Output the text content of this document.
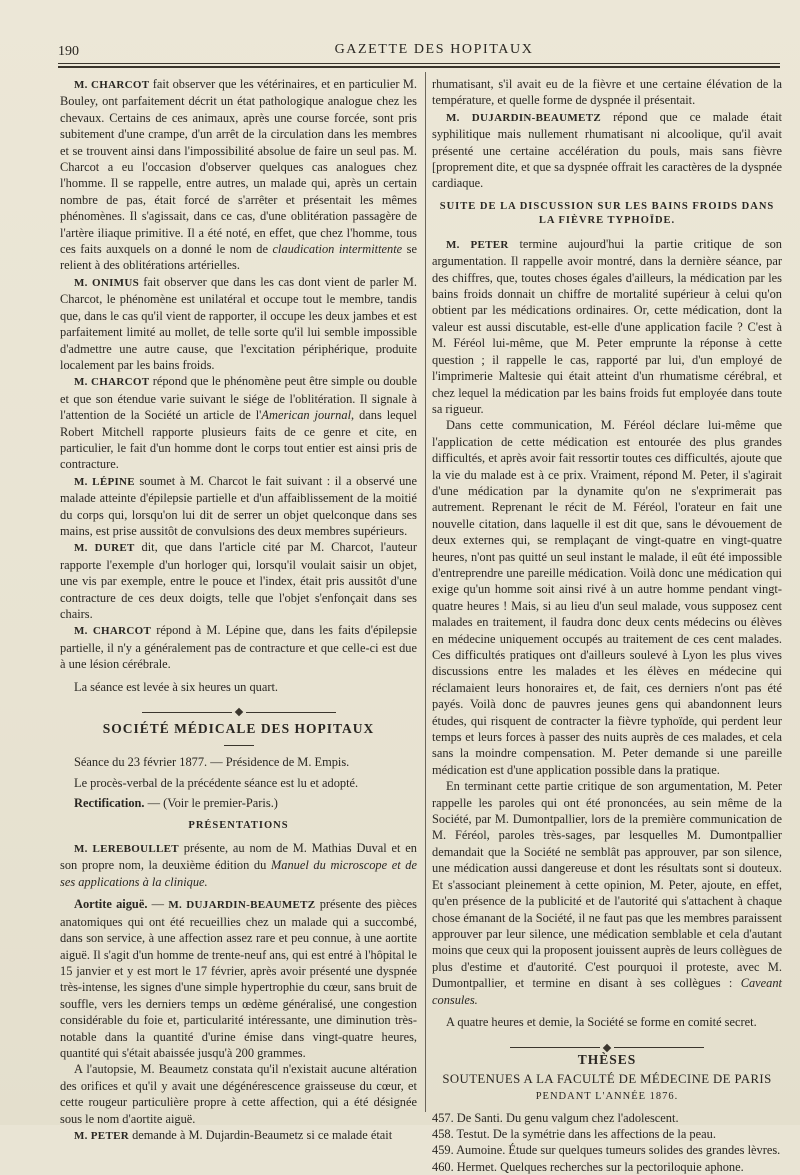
190	GAZETTE DES HOPITAUX

M. CHARCOT fait observer que les vétérinaires, et en particulier M. Bouley, ont parfaitement décrit un état pathologique analogue chez les chevaux. Certains de ces animaux, après une course forcée, sont pris subitement d'une crampe, d'un arrêt de la circulation dans les membres et se trouvent ainsi dans l'impossibilité absolue de faire un seul pas. M. Charcot a eu l'occasion d'observer quelques cas analogues chez l'homme. Il se rappelle, entre autres, un malade qui, après un certain nombre de pas, était forcé de s'arrêter et présentait les mêmes phénomènes. Il s'agissait, dans ce cas, d'une oblitération passagère de l'artère iliaque primitive. Il a été noté, en effet, que chez l'homme, tous ces faits auxquels on a donné le nom de claudication intermittente se relient à des oblitérations artérielles.

M. ONIMUS fait observer que dans les cas dont vient de parler M. Charcot, le phénomène est unilatéral et occupe tout le membre, tandis que, dans le cas qu'il vient de rapporter, il occupe les deux jambes et est parfaitement limité au mollet, de telle sorte qu'il lui semble impossible d'admettre une autre cause, que l'excitation périphérique, produite localement par les bains froids.

M. CHARCOT répond que le phénomène peut être simple ou double et que son étendue varie suivant le siége de l'oblitération. Il signale à l'attention de la Société un article de l'American journal, dans lequel Robert Mitchell rapporte plusieurs faits de ce genre et cite, en particulier, le fait d'un homme dont le corps tout entier est ainsi pris de contracture.

M. LÉPINE soumet à M. Charcot le fait suivant : il a observé une malade atteinte d'épilepsie partielle et d'un affaiblissement de la moitié du corps qui, lorsqu'on lui dit de serrer un objet quelconque dans ses mains, est prise aussitôt de convulsions des deux membres supérieurs.

M. DURET dit, que dans l'article cité par M. Charcot, l'auteur rapporte l'exemple d'un horloger qui, lorsqu'il voulait saisir un objet, une vis par exemple, entre le pouce et l'index, était pris aussitôt d'une contracture de ces deux doigts, telle que l'objet s'enfonçait dans ses chairs.

M. CHARCOT répond à M. Lépine que, dans les faits d'épilepsie partielle, il n'y a généralement pas de contracture et que celle-ci est due à une lésion cérébrale.

La séance est levée à six heures un quart.

SOCIÉTÉ MÉDICALE DES HOPITAUX

Séance du 23 février 1877. — Présidence de M. Empis.

Le procès-verbal de la précédente séance est lu et adopté.

Rectification. — (Voir le premier-Paris.)

PRÉSENTATIONS

M. LEREBOULLET présente, au nom de M. Mathias Duval et en son propre nom, la deuxième édition du Manuel du microscope et de ses applications à la clinique.

Aortite aiguë. — M. DUJARDIN-BEAUMETZ présente des pièces anatomiques qui ont été recueillies chez un malade qui a succombé, dans son service, à une affection assez rare et peu connue, à une aortite aiguë. Il s'agit d'un homme de trente-neuf ans, qui est entré à l'hôpital le 15 janvier et y est mort le 17 février, après avoir présenté une dyspnée très-intense, les signes d'une simple hypertrophie du cœur, sans bruit de souffle, vers les derniers temps un œdème généralisé, une congestion considérable du foie et, particularité intéressante, une diminution très-notable dans la quantité d'urine émise dans vingt-quatre heures, quantité qui s'était abaissée jusqu'à 200 grammes.

A l'autopsie, M. Beaumetz constata qu'il n'existait aucune altération des orifices et qu'il y avait une dégénérescence graisseuse du cœur, et cette rougeur particulière propre à cette affection, qui a été désignée sous le nom d'aortite aiguë.

M. PETER demande à M. Dujardin-Beaumetz si ce malade était

rhumatisant, s'il avait eu de la fièvre et une certaine élévation de la température, et quelle forme de dyspnée il présentait.

M. DUJARDIN-BEAUMETZ répond que ce malade était syphilitique mais nullement rhumatisant ni alcoolique, qu'il avait présenté une certaine accélération du pouls, mais sans fièvre [proprement dite, et que sa dyspnée offrait les caractères de la dyspnée cardiaque.

SUITE DE LA DISCUSSION SUR LES BAINS FROIDS DANS LA FIÈVRE TYPHOÏDE.

M. PETER termine aujourd'hui la partie critique de son argumentation. Il rappelle avoir montré, dans la dernière séance, par des chiffres, que, toutes choses égales d'ailleurs, la médication par les bains froids donnait un chiffre de mortalité supérieur à celui qu'on obtient par les médications ordinaires. Or, cette médication, dont la valeur est aussi discutable, est-elle d'une application facile ? C'est à M. Féréol lui-même, que M. Peter emprunte la réponse à cette question ; il rappelle le cas, rapporté par lui, d'un employé de l'imprimerie Maltesie qui était atteint d'un rhumatisme cérébral, et chez lequel la médication par les bains froids fut employée dans toute sa rigueur.

Dans cette communication, M. Féréol déclare lui-même que l'application de cette médication est entourée des plus grandes difficultés, et après avoir fait ressortir toutes ces difficultés, ajoute que la vie du malade est à ce prix. Vraiment, répond M. Peter, il s'agirait d'une médication par la dynamite qu'on ne s'exprimerait pas autrement. Reprenant le récit de M. Féréol, l'orateur en fait une nouvelle citation, dans laquelle il est dit que, sans le dévouement de deux externes qui, se remplaçant de vingt-quatre en vingt-quatre heures, n'ont pas quitté un seul instant le malade, il eût été impossible d'entreprendre une pareille médication. Voilà donc une médication qui exige qu'un homme soit ainsi rivé à un autre homme pendant vingt-quatre heures ! Mais, si au lieu d'un seul malade, vous supposez cent malades en traitement, il faudra donc deux cents médecins ou élèves en médecine uniquement occupés au traitement de ces cent malades. Ces difficultés pratiques ont d'ailleurs soulevé à Lyon les plus vives discussions entre les malades et les élèves en médecine qui réclamaient leurs honoraires et, de fait, ces derniers n'ont pas été payés. Voilà donc de pauvres jeunes gens qui abandonnent leurs études, qui risquent de contracter la fièvre typhoïde, qui perdent leur temps et leurs forces à passer des nuits auprès de ces malades, et cela sans la moindre compensation. M. Peter demande si une pareille médication est d'une application possible dans la pratique.

En terminant cette partie critique de son argumentation, M. Peter rappelle les paroles qui ont été prononcées, au sein même de la Société, par M. Dumontpallier, lors de la première communication de M. Féréol, paroles très-sages, par lesquelles M. Dumontpallier demandait que la Société ne semblât pas approuver, par son silence, une médication aussi dangereuse et dont les résultats sont si douteux. Et s'associant pleinement à cette opinion, M. Peter, ajoute, en effet, qu'en présence de la publicité et de l'autorité qui s'attachent à chaque chose émanant de la Société, il ne faut pas que les membres paraissent approuver par leur silence, une médication semblable et cela d'autant moins que ceux qui la proposent jouissent auprès de leurs collègues de plus d'estime et d'autorité. C'est pourquoi il proteste, avec M. Dumontpallier, et termine en disant à ses collègues : Caveant consules.

A quatre heures et demie, la Société se forme en comité secret.

THÈSES
SOUTENUES A LA FACULTÉ DE MÉDECINE DE PARIS
PENDANT L'ANNÉE 1876.

457. De Santi. Du genu valgum chez l'adolescent.

458. Testut. De la symétrie dans les affections de la peau.

459. Aumoine. Étude sur quelques tumeurs solides des grandes lèvres.

460. Hermet. Quelques recherches sur la pectoriloquie aphone.
